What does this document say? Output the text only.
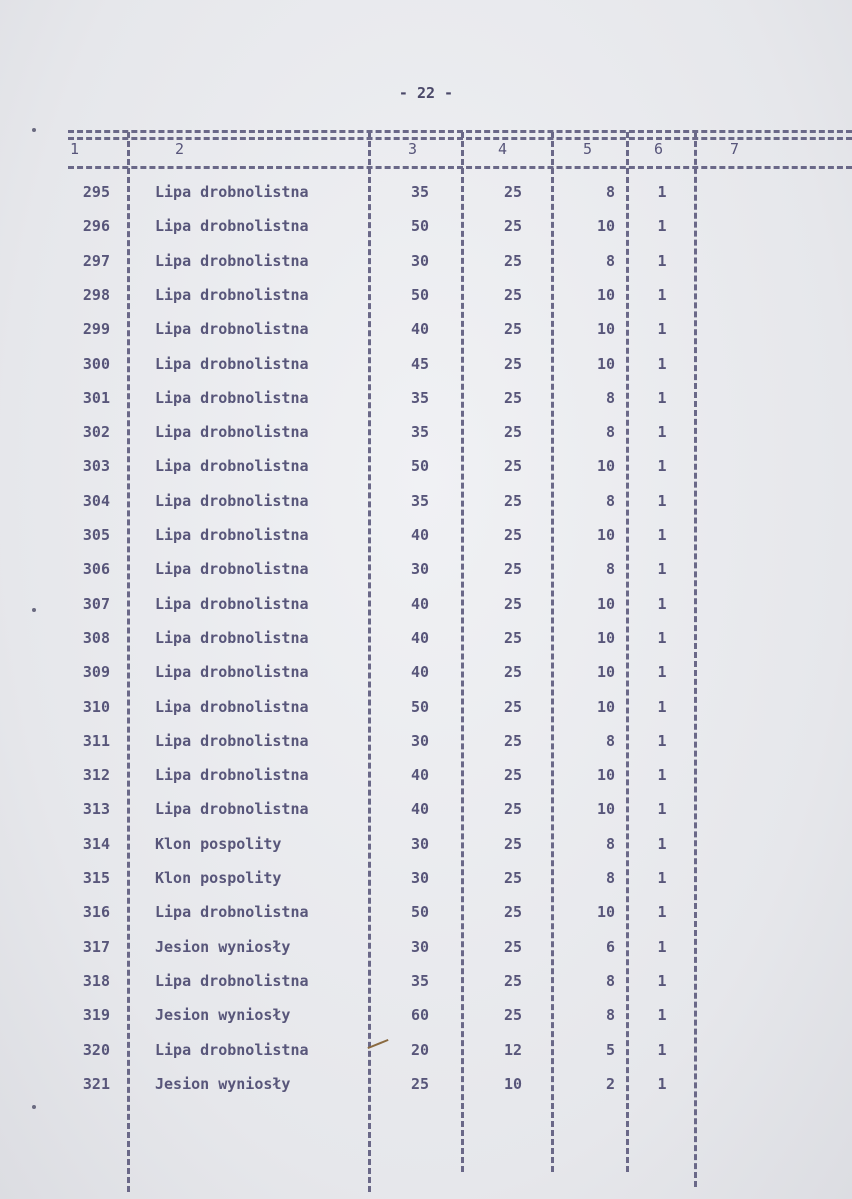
- 22 -
1	2	3	4	5	6	7
295	Lipa drobnolistna	35	25	8	1
296	Lipa drobnolistna	50	25	10	1
297	Lipa drobnolistna	30	25	8	1
298	Lipa drobnolistna	50	25	10	1
299	Lipa drobnolistna	40	25	10	1
300	Lipa drobnolistna	45	25	10	1
301	Lipa drobnolistna	35	25	8	1
302	Lipa drobnolistna	35	25	8	1
303	Lipa drobnolistna	50	25	10	1
304	Lipa drobnolistna	35	25	8	1
305	Lipa drobnolistna	40	25	10	1
306	Lipa drobnolistna	30	25	8	1
307	Lipa drobnolistna	40	25	10	1
308	Lipa drobnolistna	40	25	10	1
309	Lipa drobnolistna	40	25	10	1
310	Lipa drobnolistna	50	25	10	1
311	Lipa drobnolistna	30	25	8	1
312	Lipa drobnolistna	40	25	10	1
313	Lipa drobnolistna	40	25	10	1
314	Klon pospolity	30	25	8	1
315	Klon pospolity	30	25	8	1
316	Lipa drobnolistna	50	25	10	1
317	Jesion wyniosły	30	25	6	1
318	Lipa drobnolistna	35	25	8	1
319	Jesion wyniosły	60	25	8	1
320	Lipa drobnolistna	20	12	5	1
321	Jesion wyniosły	25	10	2	1
